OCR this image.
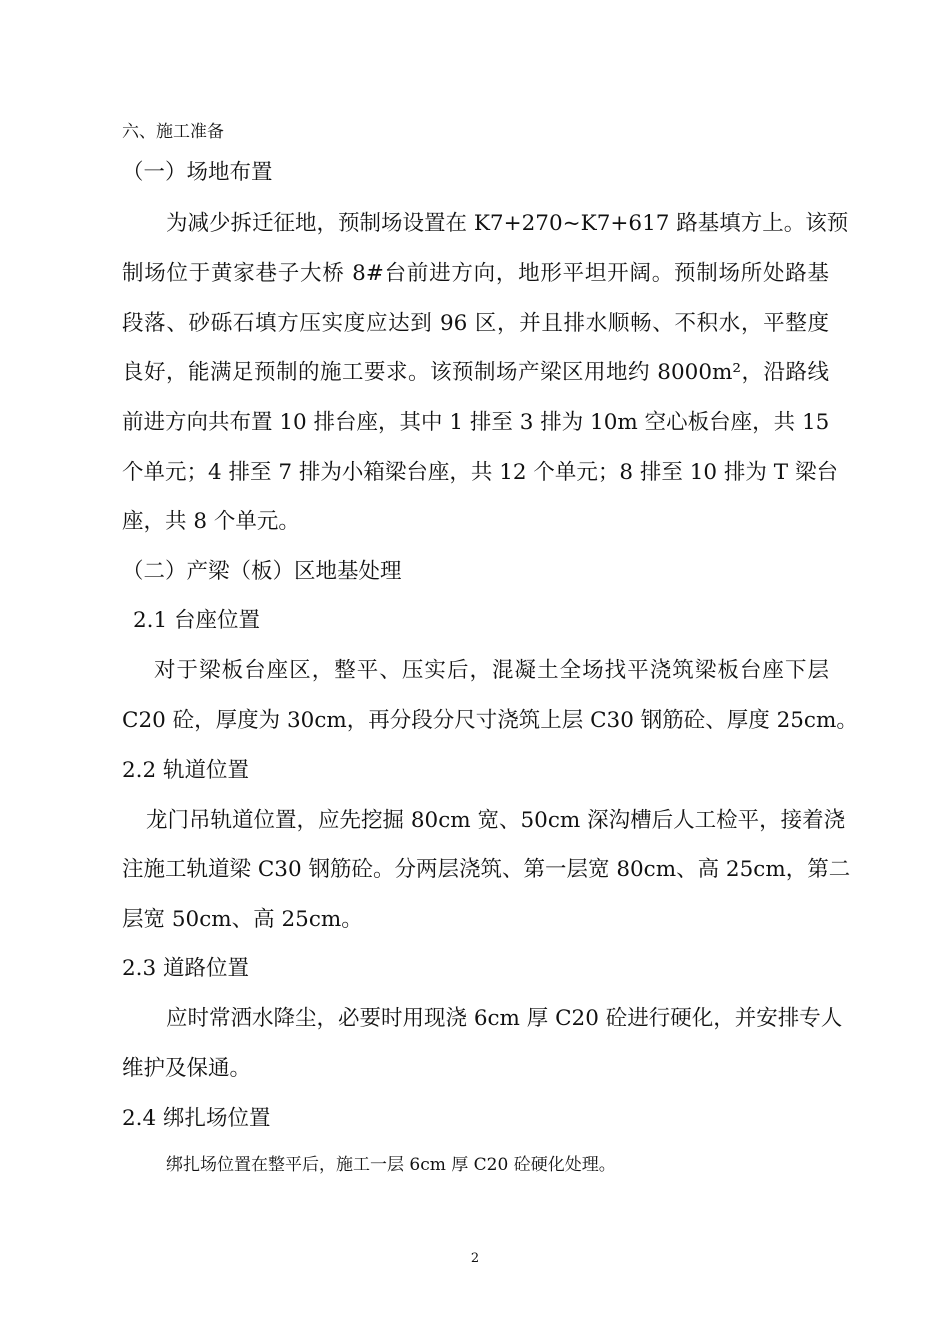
六、施工准备
（一）场地布置
为减少拆迁征地，预制场设置在 K7+270~K7+617 路基填方上。该预
制场位于黄家巷子大桥 8#台前进方向，地形平坦开阔。预制场所处路基
段落、砂砾石填方压实度应达到 96 区，并且排水顺畅、不积水，平整度
良好，能满足预制的施工要求。该预制场产梁区用地约 8000m²，沿路线
前进方向共布置 10 排台座，其中 1 排至 3 排为 10m 空心板台座，共 15
个单元；4 排至 7 排为小箱梁台座，共 12 个单元；8 排至 10 排为 T 梁台
座，共 8 个单元。
（二）产梁（板）区地基处理
2.1 台座位置
对于梁板台座区，整平、压实后，混凝土全场找平浇筑梁板台座下层
C20 砼，厚度为 30cm，再分段分尺寸浇筑上层 C30 钢筋砼、厚度 25cm。
2.2 轨道位置
龙门吊轨道位置，应先挖掘 80cm 宽、50cm 深沟槽后人工检平，接着浇
注施工轨道梁 C30 钢筋砼。分两层浇筑、第一层宽 80cm、高 25cm，第二
层宽 50cm、高 25cm。
2.3 道路位置
应时常洒水降尘，必要时用现浇 6cm 厚 C20 砼进行硬化，并安排专人
维护及保通。
2.4 绑扎场位置
绑扎场位置在整平后，施工一层 6cm 厚 C20 砼硬化处理。
2
